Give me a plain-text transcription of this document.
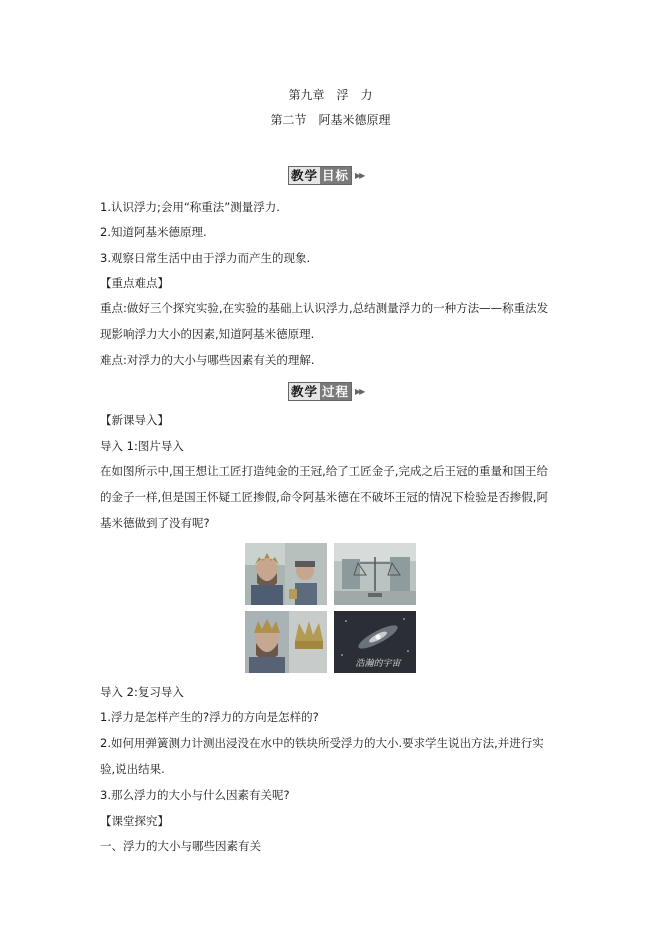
第九章　浮　力
第二节　阿基米德原理
教学 目标 ▶▶
1.认识浮力;会用“称重法”测量浮力.
2.知道阿基米德原理.
3.观察日常生活中由于浮力而产生的现象.
【重点难点】
重点:做好三个探究实验,在实验的基础上认识浮力,总结测量浮力的一种方法——称重法发
现影响浮力大小的因素,知道阿基米德原理.
难点:对浮力的大小与哪些因素有关的理解.
教学 过程 ▶▶
【新课导入】
导入 1:图片导入
在如图所示中,国王想让工匠打造纯金的王冠,给了工匠金子,完成之后王冠的重量和国王给
的金子一样,但是国王怀疑工匠掺假,命令阿基米德在不破坏王冠的情况下检验是否掺假,阿
基米德做到了没有呢?
浩瀚的宇宙
导入 2:复习导入
1.浮力是怎样产生的?浮力的方向是怎样的?
2.如何用弹簧测力计测出浸没在水中的铁块所受浮力的大小.要求学生说出方法,并进行实
验,说出结果.
3.那么浮力的大小与什么因素有关呢?
【课堂探究】
一、浮力的大小与哪些因素有关
